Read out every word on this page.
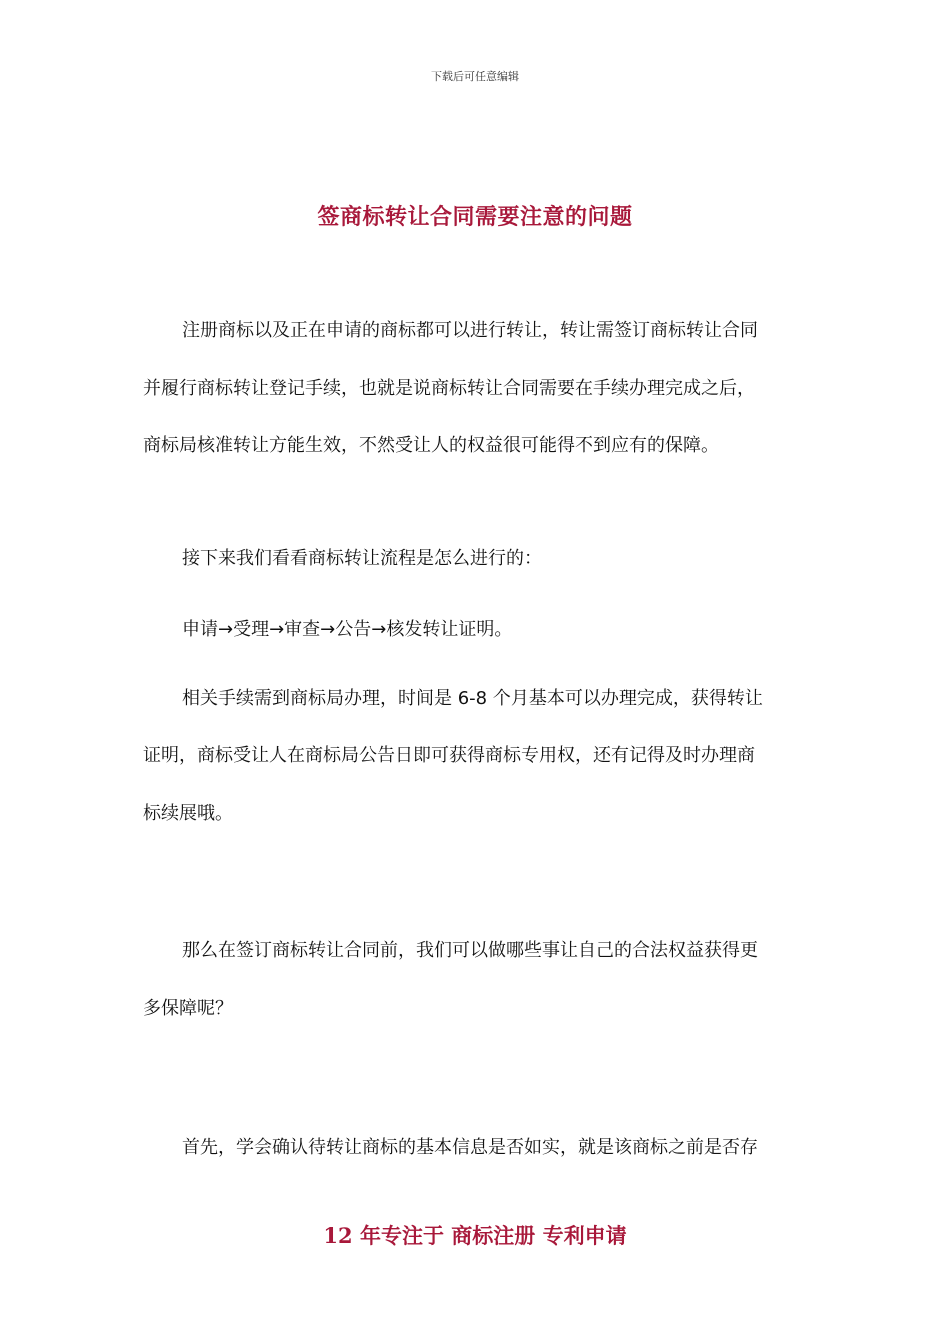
下载后可任意编辑
签商标转让合同需要注意的问题
注册商标以及正在申请的商标都可以进行转让，转让需签订商标转让合同
并履行商标转让登记手续，也就是说商标转让合同需要在手续办理完成之后，
商标局核准转让方能生效，不然受让人的权益很可能得不到应有的保障。
接下来我们看看商标转让流程是怎么进行的：
申请→受理→审查→公告→核发转让证明。
相关手续需到商标局办理，时间是 6-8 个月基本可以办理完成，获得转让
证明，商标受让人在商标局公告日即可获得商标专用权，还有记得及时办理商
标续展哦。
那么在签订商标转让合同前，我们可以做哪些事让自己的合法权益获得更
多保障呢？
首先，学会确认待转让商标的基本信息是否如实，就是该商标之前是否存
12 年专注于 商标注册 专利申请
